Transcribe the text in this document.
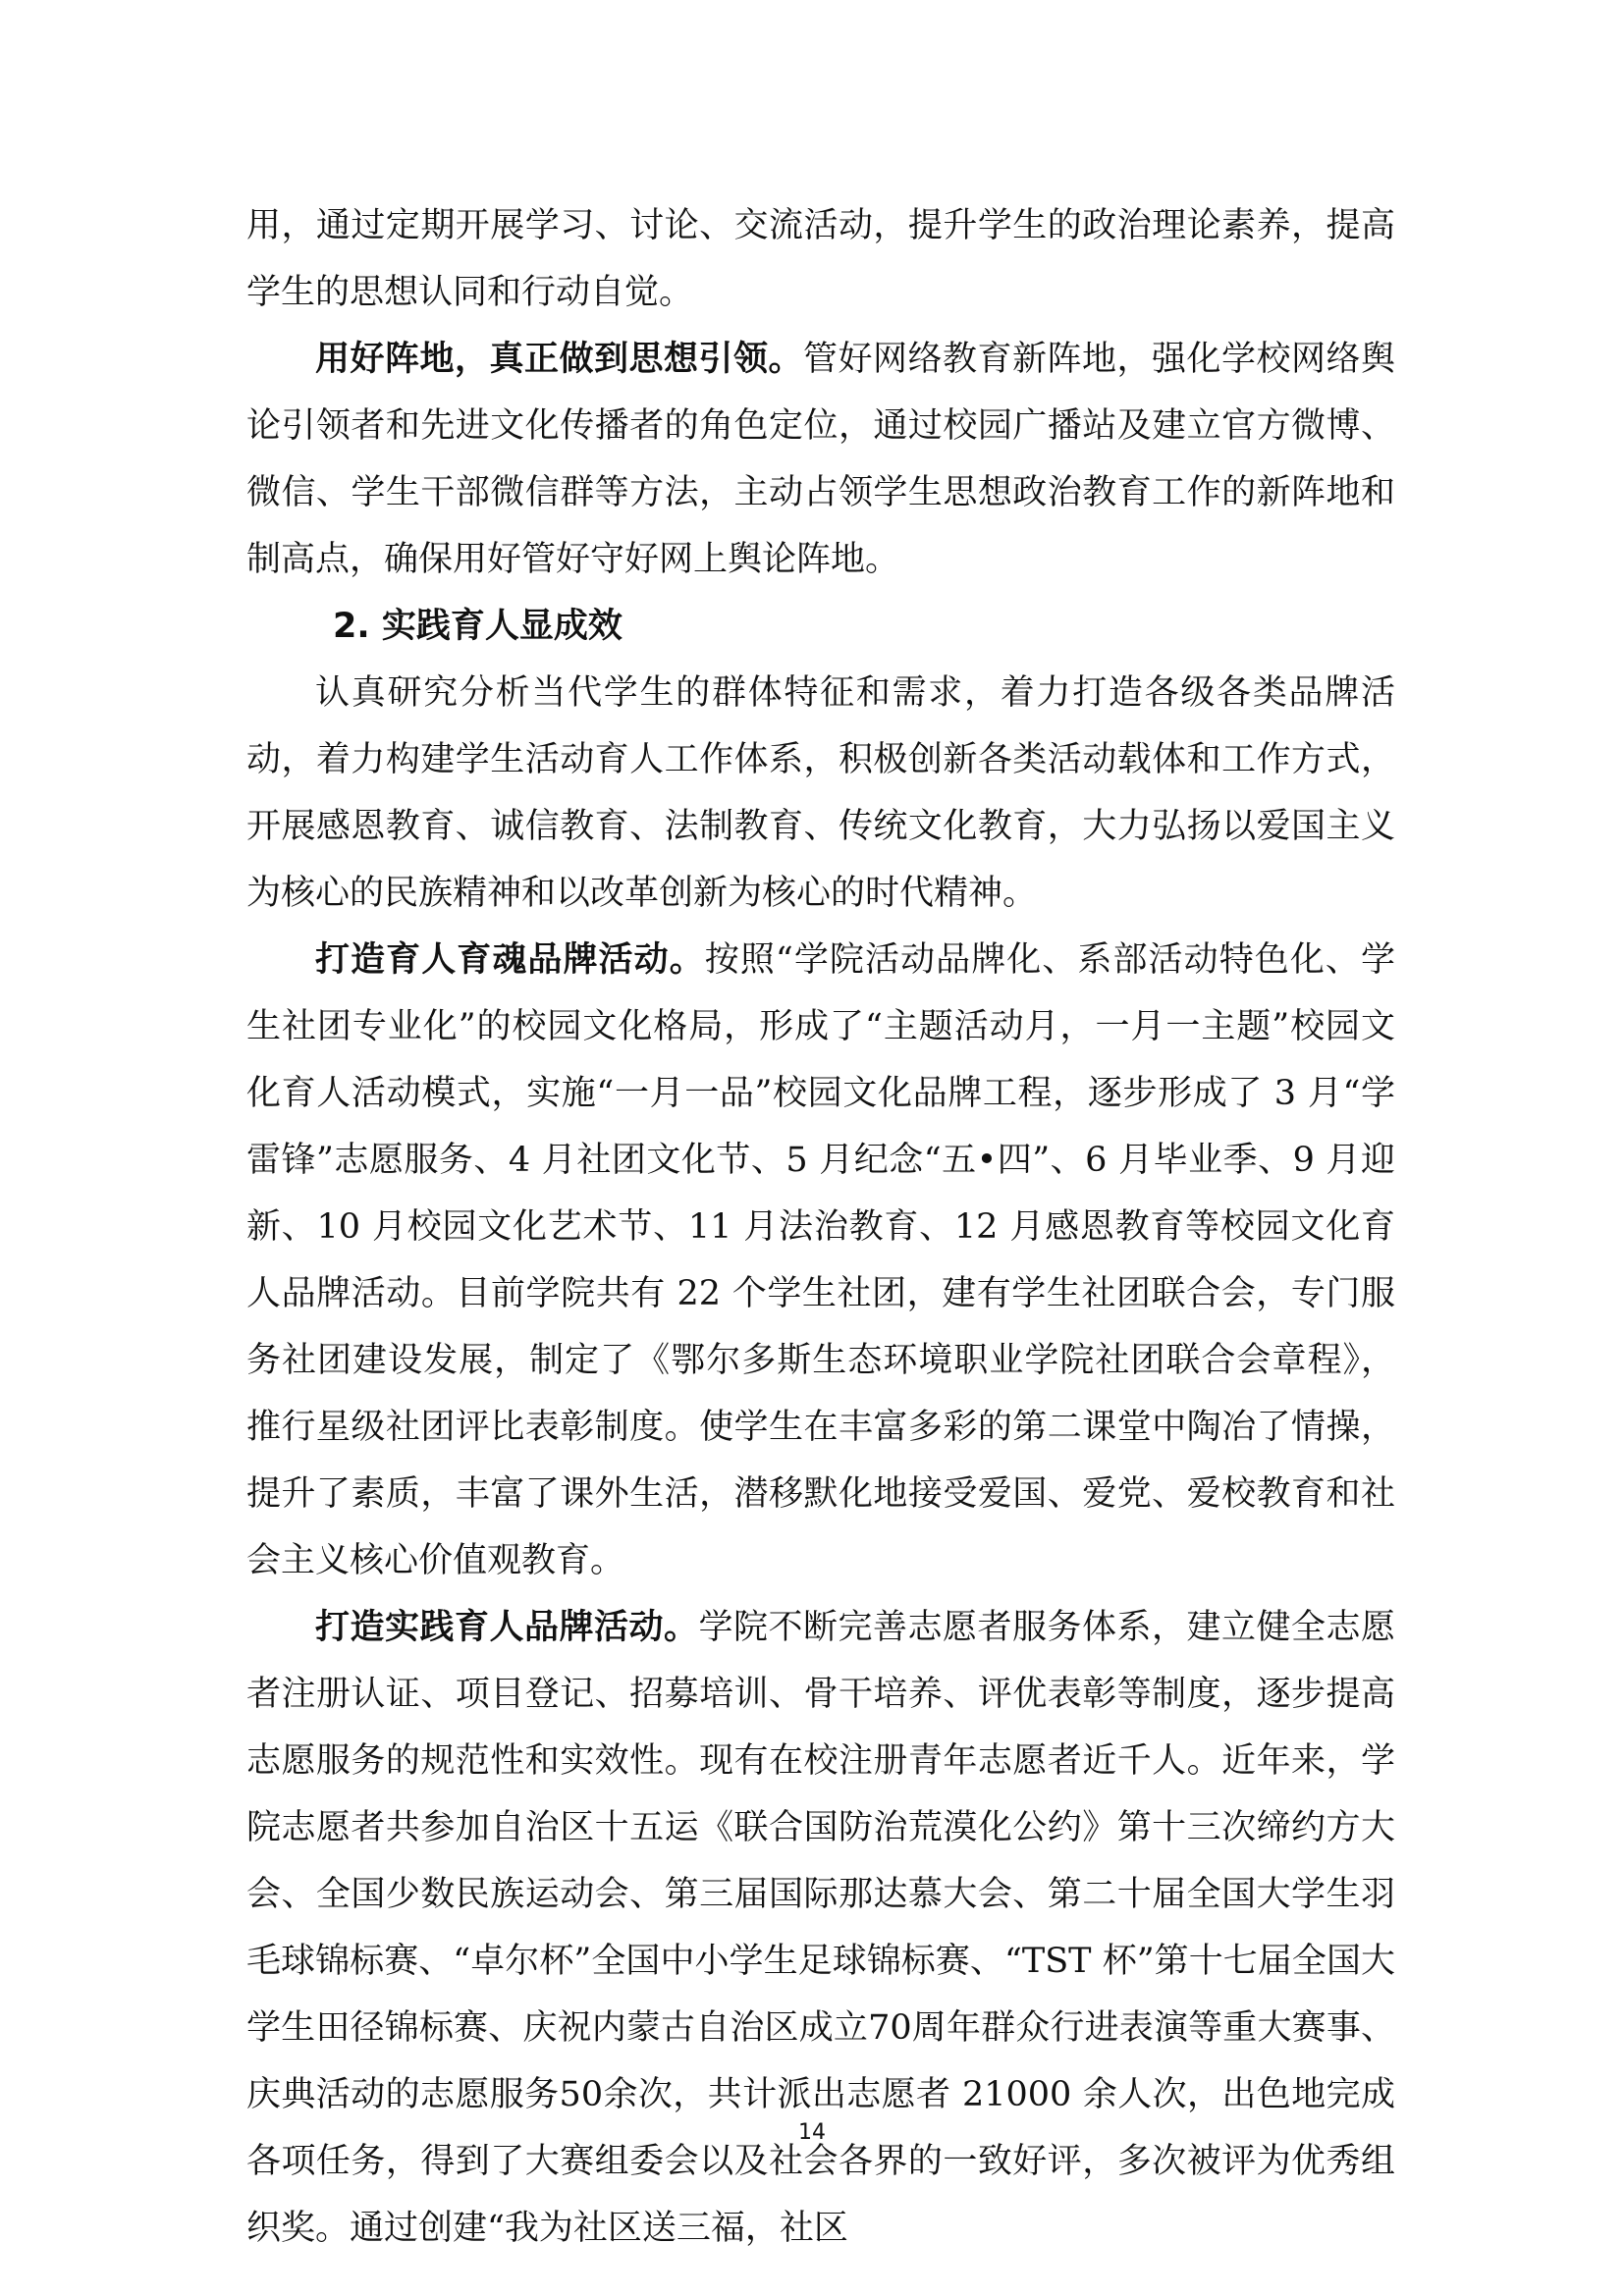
用，通过定期开展学习、讨论、交流活动，提升学生的政治理论素养，提高学生的思想认同和行动自觉。

用好阵地，真正做到思想引领。管好网络教育新阵地，强化学校网络舆论引领者和先进文化传播者的角色定位，通过校园广播站及建立官方微博、微信、学生干部微信群等方法，主动占领学生思想政治教育工作的新阵地和制高点，确保用好管好守好网上舆论阵地。

2. 实践育人显成效

认真研究分析当代学生的群体特征和需求，着力打造各级各类品牌活动，着力构建学生活动育人工作体系，积极创新各类活动载体和工作方式，开展感恩教育、诚信教育、法制教育、传统文化教育，大力弘扬以爱国主义为核心的民族精神和以改革创新为核心的时代精神。

打造育人育魂品牌活动。按照“学院活动品牌化、系部活动特色化、学生社团专业化”的校园文化格局，形成了“主题活动月，一月一主题”校园文化育人活动模式，实施“一月一品”校园文化品牌工程，逐步形成了 3 月“学雷锋”志愿服务、4 月社团文化节、5 月纪念“五•四”、6 月毕业季、9 月迎新、10 月校园文化艺术节、11 月法治教育、12 月感恩教育等校园文化育人品牌活动。目前学院共有 22 个学生社团，建有学生社团联合会，专门服务社团建设发展，制定了《鄂尔多斯生态环境职业学院社团联合会章程》，推行星级社团评比表彰制度。使学生在丰富多彩的第二课堂中陶冶了情操，提升了素质，丰富了课外生活，潜移默化地接受爱国、爱党、爱校教育和社会主义核心价值观教育。

打造实践育人品牌活动。学院不断完善志愿者服务体系，建立健全志愿者注册认证、项目登记、招募培训、骨干培养、评优表彰等制度，逐步提高志愿服务的规范性和实效性。现有在校注册青年志愿者近千人。近年来，学院志愿者共参加自治区十五运《联合国防治荒漠化公约》第十三次缔约方大会、全国少数民族运动会、第三届国际那达慕大会、第二十届全国大学生羽毛球锦标赛、“卓尔杯”全国中小学生足球锦标赛、“TST 杯”第十七届全国大学生田径锦标赛、庆祝内蒙古自治区成立70周年群众行进表演等重大赛事、庆典活动的志愿服务50余次，共计派出志愿者 21000 余人次，出色地完成各项任务，得到了大赛组委会以及社会各界的一致好评，多次被评为优秀组织奖。通过创建“我为社区送三福，社区

14
